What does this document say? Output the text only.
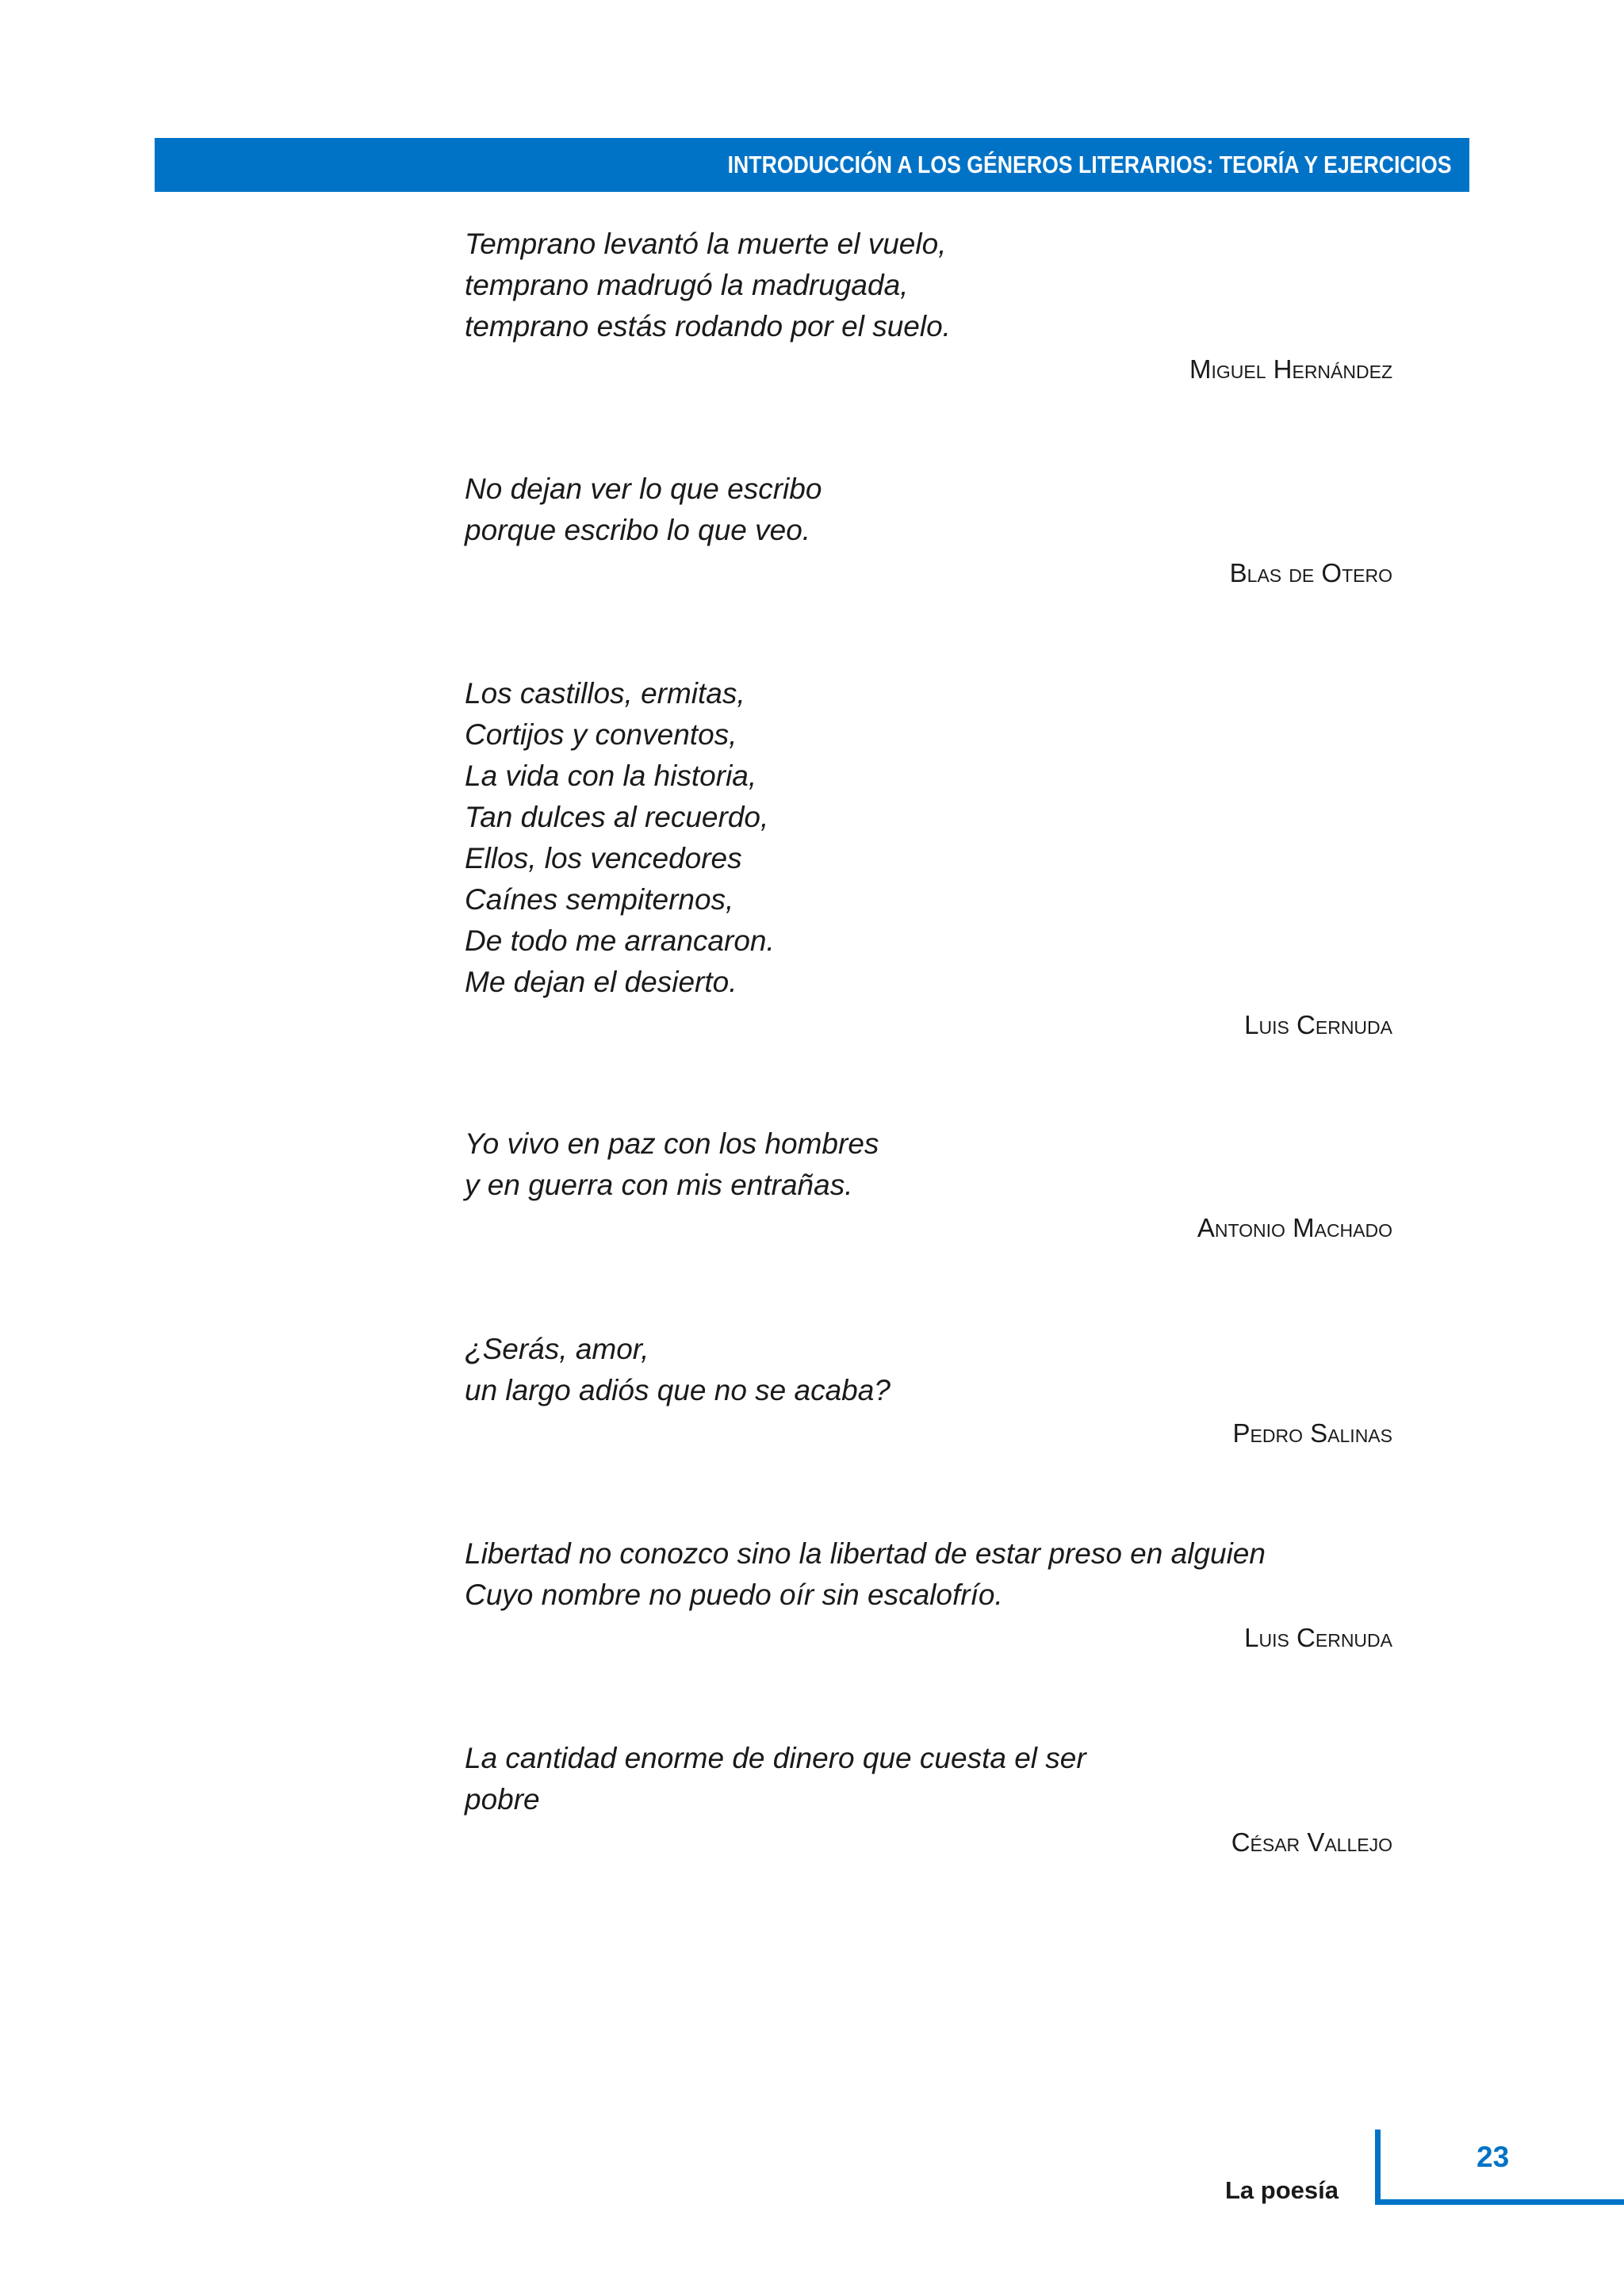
INTRODUCCIÓN A LOS GÉNEROS LITERARIOS: TEORÍA Y EJERCICIOS
Temprano levantó la muerte el vuelo,
temprano madrugó la madrugada,
temprano estás rodando por el suelo.
Miguel Hernández
No dejan ver lo que escribo
porque escribo lo que veo.
Blas de Otero
Los castillos, ermitas,
Cortijos y conventos,
La vida con la historia,
Tan dulces al recuerdo,
Ellos, los vencedores
Caínes sempiternos,
De todo me arrancaron.
Me dejan el desierto.
Luis Cernuda
Yo vivo en paz con los hombres
y en guerra con mis entrañas.
Antonio Machado
¿Serás, amor,
un largo adiós que no se acaba?
Pedro Salinas
Libertad no conozco sino la libertad de estar preso en alguien
Cuyo nombre no puedo oír sin escalofrío.
Luis Cernuda
La cantidad enorme de dinero que cuesta el ser
pobre
César Vallejo
23
La poesía
